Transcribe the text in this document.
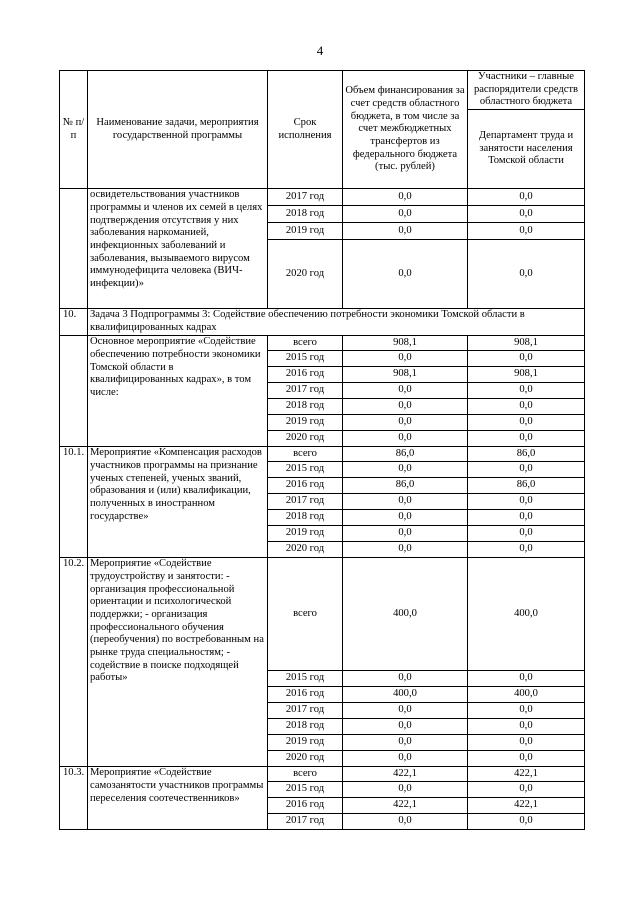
4
№ п/п	Наименование задачи, мероприятия государственной программы	Срок исполнения	Объем финансирования за счет средств областного бюджета, в том числе за счет межбюджетных трансфертов из федерального бюджета (тыс. рублей)	Участники – главные распорядители средств областного бюджета
				Департамент труда и занятости населения Томской области
	освидетельствования участников программы и членов их семей в целях подтверждения отсутствия у них заболевания наркоманией, инфекционных заболеваний и заболевания, вызываемого вирусом иммунодефицита человека (ВИЧ-инфекции)»	2017 год	0,0	0,0
		2018 год	0,0	0,0
		2019 год	0,0	0,0
		2020 год	0,0	0,0
10.	Задача 3 Подпрограммы 3: Содействие обеспечению потребности экономики Томской области в квалифицированных кадрах			
	Основное мероприятие «Содействие обеспечению потребности экономики Томской области в квалифицированных кадрах», в том числе:	всего	908,1	908,1
		2015 год	0,0	0,0
		2016 год	908,1	908,1
		2017 год	0,0	0,0
		2018 год	0,0	0,0
		2019 год	0,0	0,0
		2020 год	0,0	0,0
10.1.	Мероприятие «Компенсация расходов участников программы на признание ученых степеней, ученых званий, образования и (или) квалификации, полученных в иностранном государстве»	всего	86,0	86,0
		2015 год	0,0	0,0
		2016 год	86,0	86,0
		2017 год	0,0	0,0
		2018 год	0,0	0,0
		2019 год	0,0	0,0
		2020 год	0,0	0,0
10.2.	Мероприятие «Содействие трудоустройству и занятости: - организация профессиональной ориентации и психологической поддержки; - организация профессионального обучения (переобучения) по востребованным на рынке труда специальностям; - содействие в поиске подходящей работы»	всего	400,0	400,0
		2015 год	0,0	0,0
		2016 год	400,0	400,0
		2017 год	0,0	0,0
		2018 год	0,0	0,0
		2019 год	0,0	0,0
		2020 год	0,0	0,0
10.3.	Мероприятие «Содействие самозанятости участников программы переселения соотечественников»	всего	422,1	422,1
		2015 год	0,0	0,0
		2016 год	422,1	422,1
		2017 год	0,0	0,0
